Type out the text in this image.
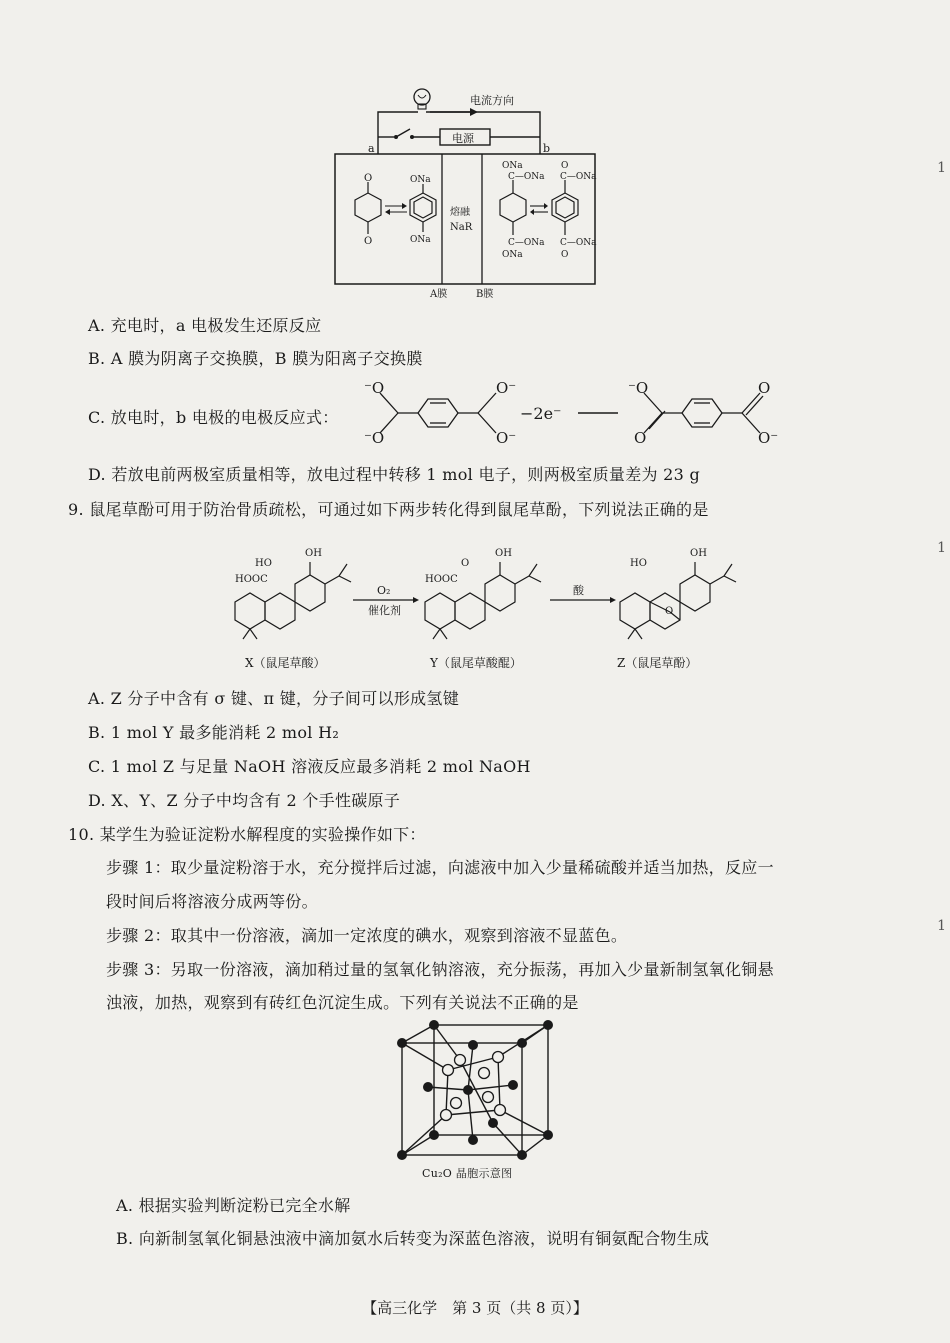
电流方向
电源
a	b
熔融
NaR
A膜	B膜
O
O
ONa
ONa
ONa
C—ONa
C—ONa
ONa
O
C—ONa
C—ONa
O
A. 充电时，a 电极发生还原反应
B. A 膜为阴离子交换膜，B 膜为阳离子交换膜
C. 放电时，b 电极的电极反应式：
⁻O
⁻O
O⁻
O⁻
−2e⁻
⁻O
O
O
O⁻
D. 若放电前两极室质量相等，放电过程中转移 1 mol 电子，则两极室质量差为 23 g
9. 鼠尾草酚可用于防治骨质疏松，可通过如下两步转化得到鼠尾草酚，下列说法正确的是
HO
OH
HOOC
X（鼠尾草酸）
O₂
催化剂
O
OH
HOOC
Y（鼠尾草酸醌）
酸
HO
OH
O
Z（鼠尾草酚）
A. Z 分子中含有 σ 键、π 键，分子间可以形成氢键
B. 1 mol Y 最多能消耗 2 mol H₂
C. 1 mol Z 与足量 NaOH 溶液反应最多消耗 2 mol NaOH
D. X、Y、Z 分子中均含有 2 个手性碳原子
10. 某学生为验证淀粉水解程度的实验操作如下：
步骤 1：取少量淀粉溶于水，充分搅拌后过滤，向滤液中加入少量稀硫酸并适当加热，反应一
段时间后将溶液分成两等份。
步骤 2：取其中一份溶液，滴加一定浓度的碘水，观察到溶液不显蓝色。
步骤 3：另取一份溶液，滴加稍过量的氢氧化钠溶液，充分振荡，再加入少量新制氢氧化铜悬
浊液，加热，观察到有砖红色沉淀生成。下列有关说法不正确的是
Cu₂O 晶胞示意图
A. 根据实验判断淀粉已完全水解
B. 向新制氢氧化铜悬浊液中滴加氨水后转变为深蓝色溶液，说明有铜氨配合物生成
【高三化学　第 3 页（共 8 页）】
1
1
1
